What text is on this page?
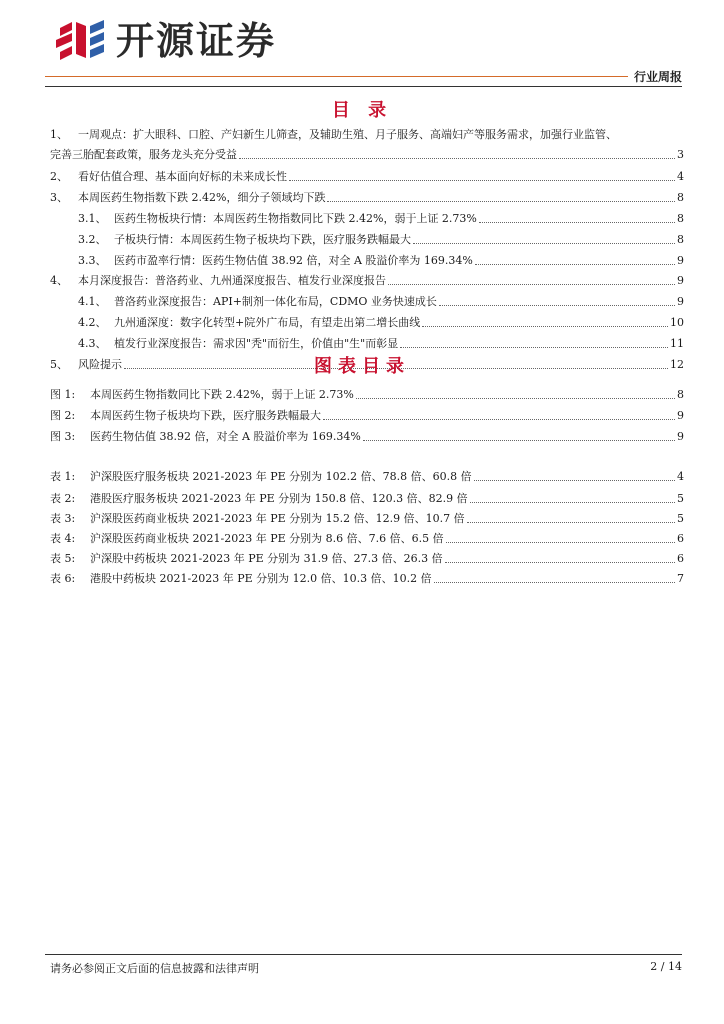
开源证券
行业周报
目 录
1、 一周观点：扩大眼科、口腔、产妇新生儿筛查，及辅助生殖、月子服务、高端妇产等服务需求，加强行业监管、
完善三胎配套政策，服务龙头充分受益	3
2、 看好估值合理、基本面向好标的未来成长性	4
3、 本周医药生物指数下跌 2.42%，细分子领域均下跌	8
3.1、 医药生物板块行情：本周医药生物指数同比下跌 2.42%，弱于上证 2.73%	8
3.2、 子板块行情：本周医药生物子板块均下跌，医疗服务跌幅最大	8
3.3、 医药市盈率行情：医药生物估值 38.92 倍，对全 A 股溢价率为 169.34%	9
4、 本月深度报告：普洛药业、九州通深度报告、植发行业深度报告	9
4.1、 普洛药业深度报告：API+制剂一体化布局，CDMO 业务快速成长	9
4.2、 九州通深度：数字化转型+院外广布局，有望走出第二增长曲线	10
4.3、 植发行业深度报告：需求因"秃"而衍生，价值由"生"而彰显	11
5、 风险提示	12
图表目录
图 1:	本周医药生物指数同比下跌 2.42%，弱于上证 2.73%	8
图 2:	本周医药生物子板块均下跌，医疗服务跌幅最大	9
图 3:	医药生物估值 38.92 倍，对全 A 股溢价率为 169.34%	9
表 1:	沪深股医疗服务板块 2021-2023 年 PE 分别为 102.2 倍、78.8 倍、60.8 倍	4
表 2:	港股医疗服务板块 2021-2023 年 PE 分别为 150.8 倍、120.3 倍、82.9 倍	5
表 3:	沪深股医药商业板块 2021-2023 年 PE 分别为 15.2 倍、12.9 倍、10.7 倍	5
表 4:	沪深股医药商业板块 2021-2023 年 PE 分别为 8.6 倍、7.6 倍、6.5 倍	6
表 5:	沪深股中药板块 2021-2023 年 PE 分别为 31.9 倍、27.3 倍、26.3 倍	6
表 6:	港股中药板块 2021-2023 年 PE 分别为 12.0 倍、10.3 倍、10.2 倍	7
请务必参阅正文后面的信息披露和法律声明	2 / 14
